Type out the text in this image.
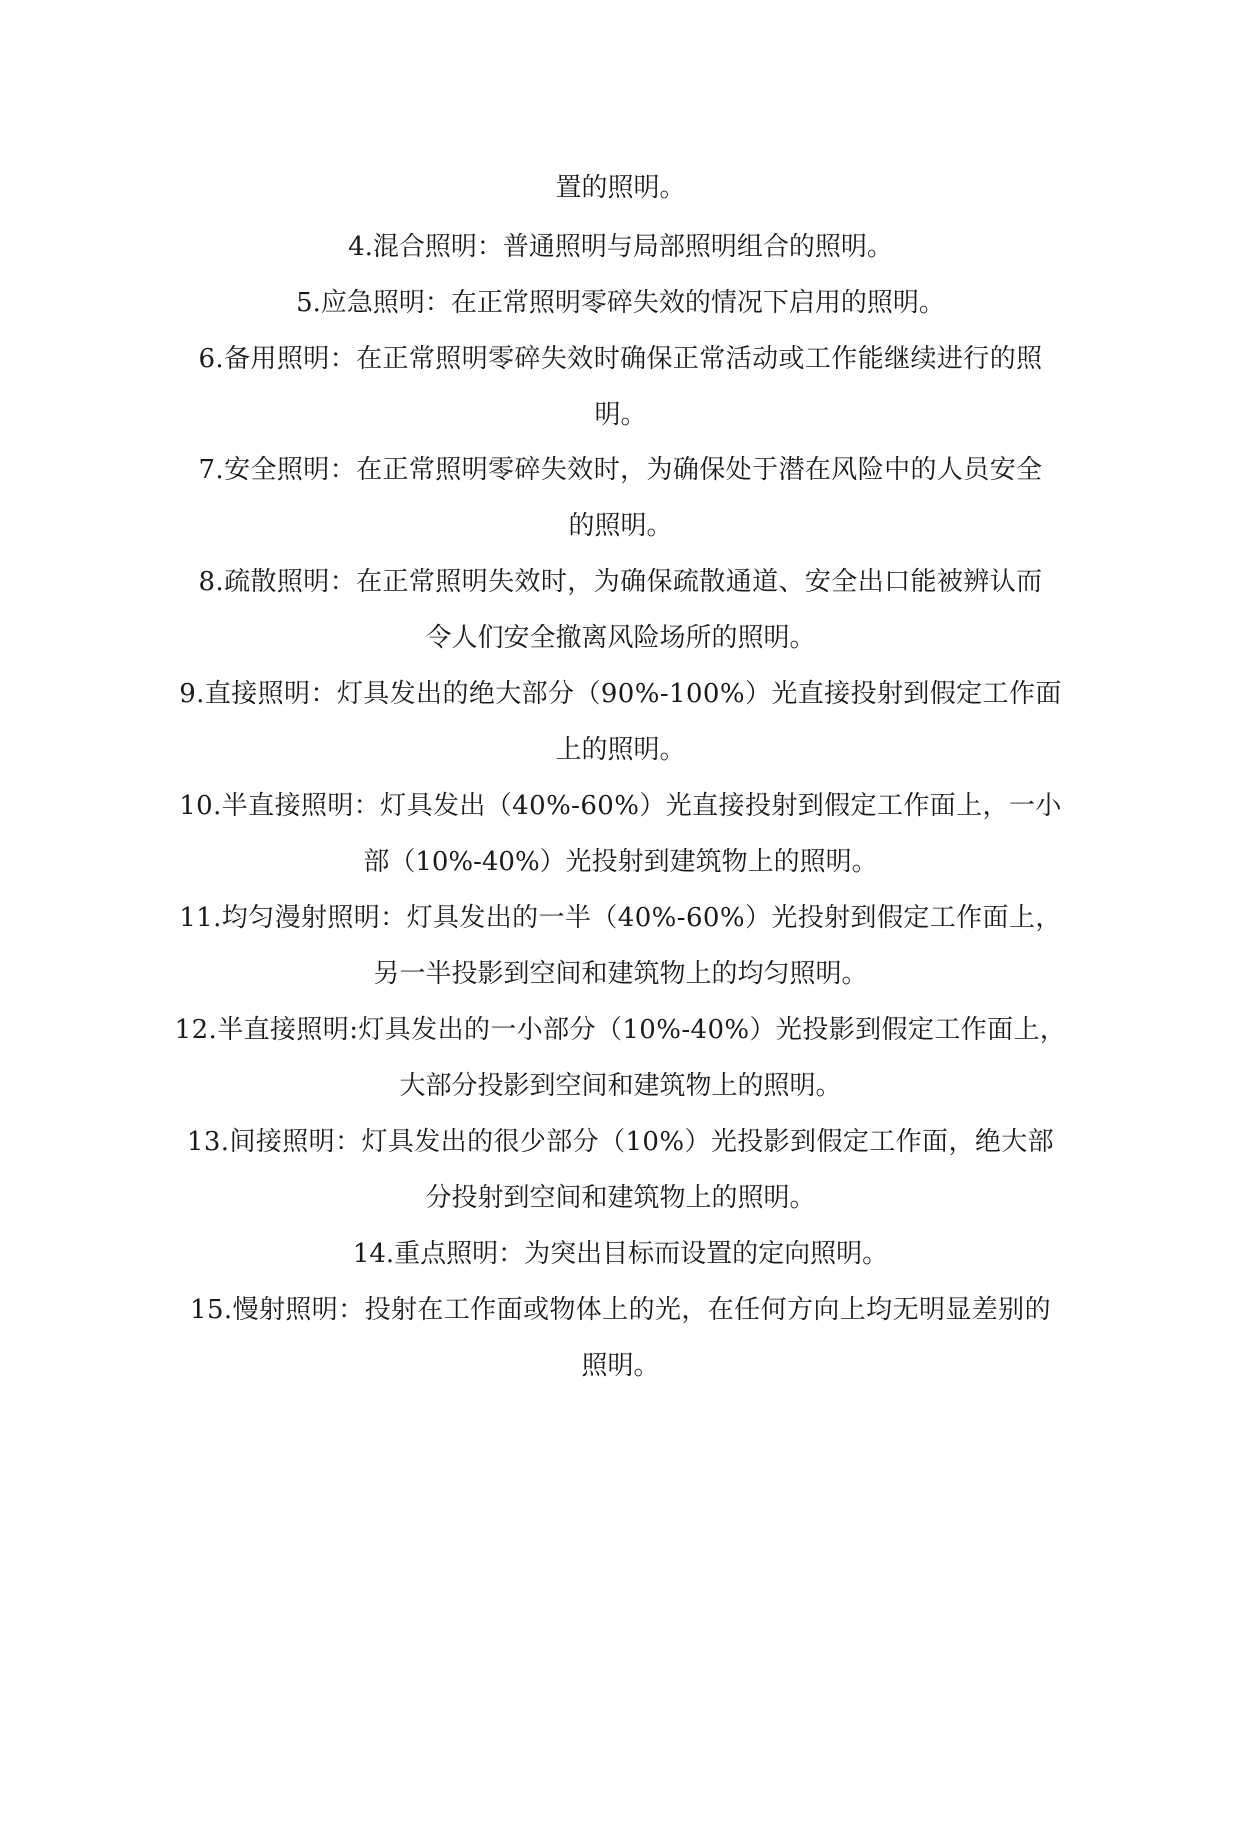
置的照明。
4.混合照明：普通照明与局部照明组合的照明。
5.应急照明：在正常照明零碎失效的情况下启用的照明。
6.备用照明：在正常照明零碎失效时确保正常活动或工作能继续进行的照
明。
7.安全照明：在正常照明零碎失效时，为确保处于潜在风险中的人员安全
的照明。
8.疏散照明：在正常照明失效时，为确保疏散通道、安全出口能被辨认而
令人们安全撤离风险场所的照明。
9.直接照明：灯具发出的绝大部分（90%-100%）光直接投射到假定工作面
上的照明。
10.半直接照明：灯具发出（40%-60%）光直接投射到假定工作面上，一小
部（10%-40%）光投射到建筑物上的照明。
11.均匀漫射照明：灯具发出的一半（40%-60%）光投射到假定工作面上，
另一半投影到空间和建筑物上的均匀照明。
12.半直接照明:灯具发出的一小部分（10%-40%）光投影到假定工作面上，
大部分投影到空间和建筑物上的照明。
13.间接照明：灯具发出的很少部分（10%）光投影到假定工作面，绝大部
分投射到空间和建筑物上的照明。
14.重点照明：为突出目标而设置的定向照明。
15.慢射照明：投射在工作面或物体上的光，在任何方向上均无明显差别的
照明。
